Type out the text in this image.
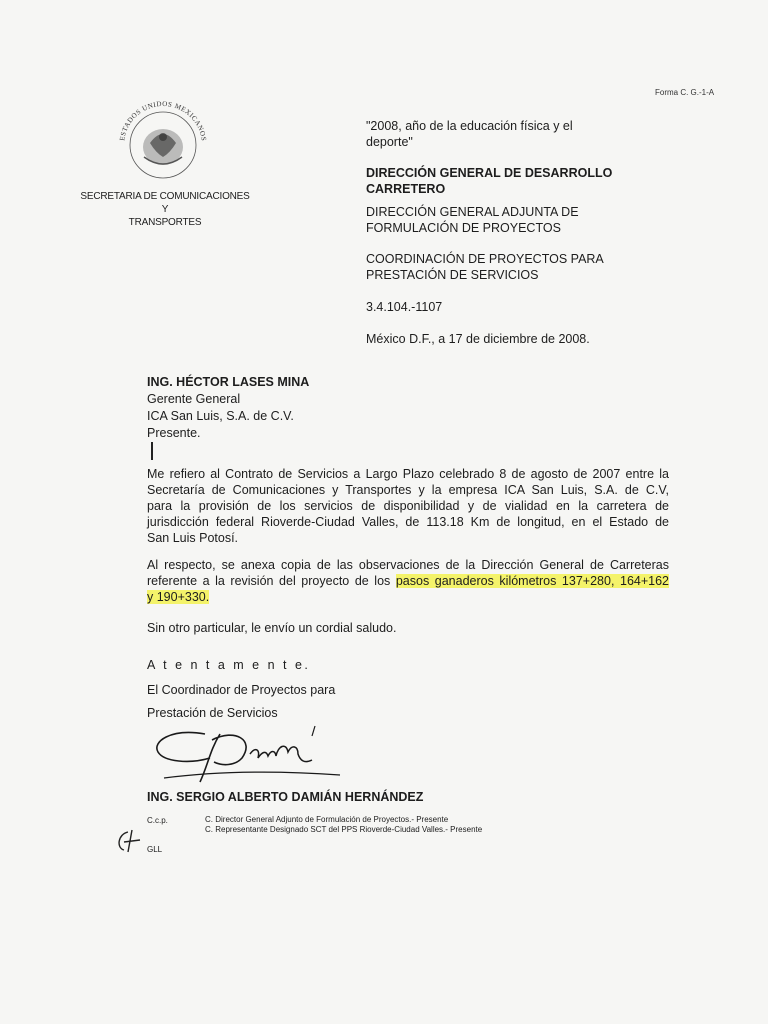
Forma C. G.-1-A
ESTADOS UNIDOS MEXICANOS
SECRETARIA DE COMUNICACIONES
Y
TRANSPORTES
"2008, año de la educación física y el
deporte"
DIRECCIÓN GENERAL DE DESARROLLO
CARRETERO
DIRECCIÓN GENERAL ADJUNTA DE
FORMULACIÓN DE PROYECTOS
COORDINACIÓN DE PROYECTOS PARA
PRESTACIÓN DE SERVICIOS
3.4.104.-1107
México D.F., a 17 de diciembre de 2008.
ING. HÉCTOR LASES MINA
Gerente General
ICA San Luis, S.A. de C.V.
Presente.
Me refiero al Contrato de Servicios a Largo Plazo celebrado 8 de agosto de 2007 entre la
Secretaría de Comunicaciones y Transportes y la empresa ICA San Luis, S.A. de C.V,
para la provisión de los servicios de disponibilidad y de vialidad en la carretera de
jurisdicción federal Rioverde-Ciudad Valles, de 113.18 Km de longitud, en el Estado de
San Luis Potosí.
Al respecto, se anexa copia de las observaciones de la Dirección General de Carreteras
referente a la revisión del proyecto de los pasos ganaderos kilómetros 137+280, 164+162
y 190+330.
Sin otro particular, le envío un cordial saludo.
A t e n t a m e n t e.
El Coordinador de Proyectos para
Prestación de Servicios
ING. SERGIO ALBERTO DAMIÁN HERNÁNDEZ
C.c.p.	C. Director General Adjunto de Formulación de Proyectos.- Presente
C. Representante Designado SCT del PPS Rioverde-Ciudad Valles.- Presente
GLL
